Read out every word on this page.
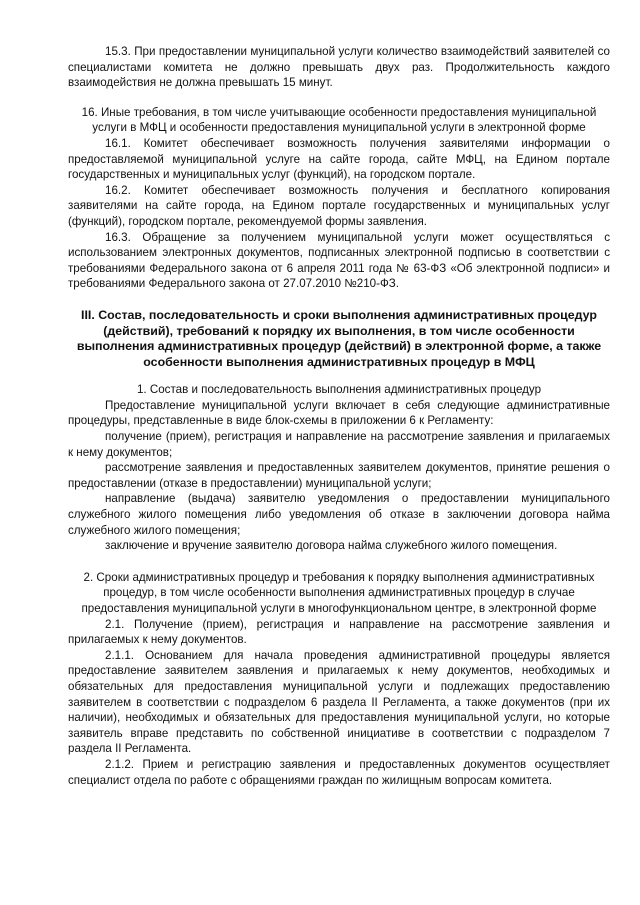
15.3. При предоставлении муниципальной услуги количество взаимодействий заявителей со специалистами комитета не должно превышать двух раз. Продолжительность каждого взаимодействия не должна превышать 15 минут.

16. Иные требования, в том числе учитывающие особенности предоставления муниципальной услуги в МФЦ и особенности предоставления муниципальной услуги в электронной форме

16.1. Комитет обеспечивает возможность получения заявителями информации о предоставляемой муниципальной услуге на сайте города, сайте МФЦ, на Едином портале государственных и муниципальных услуг (функций), на городском портале.

16.2. Комитет обеспечивает возможность получения и бесплатного копирования заявителями на сайте города, на Едином портале государственных и муниципальных услуг (функций), городском портале, рекомендуемой формы заявления.

16.3. Обращение за получением муниципальной услуги может осуществляться с использованием электронных документов, подписанных электронной подписью в соответствии с требованиями Федерального закона от 6 апреля 2011 года № 63-ФЗ «Об электронной подписи» и требованиями Федерального закона от 27.07.2010 №210-ФЗ.

III. Состав, последовательность и сроки выполнения административных процедур (действий), требований к порядку их выполнения, в том числе особенности выполнения административных процедур (действий) в электронной форме, а также особенности выполнения административных процедур в МФЦ

1. Состав и последовательность выполнения административных процедур

Предоставление муниципальной услуги включает в себя следующие административные процедуры, представленные в виде блок-схемы в приложении 6 к Регламенту:

получение (прием), регистрация и направление на рассмотрение заявления и прилагаемых к нему документов;

рассмотрение заявления и предоставленных заявителем документов, принятие решения о предоставлении (отказе в предоставлении) муниципальной услуги;

направление (выдача) заявителю уведомления о предоставлении муниципального служебного жилого помещения либо уведомления об отказе в заключении договора найма служебного жилого помещения;

заключение и вручение заявителю договора найма служебного жилого помещения.

2. Сроки административных процедур и требования к порядку выполнения административных процедур, в том числе особенности выполнения административных процедур в случае предоставления муниципальной услуги в многофункциональном центре, в электронной форме

2.1. Получение (прием), регистрация и направление на рассмотрение заявления и прилагаемых к нему документов.

2.1.1. Основанием для начала проведения административной процедуры является предоставление заявителем заявления и прилагаемых к нему документов, необходимых и обязательных для предоставления муниципальной услуги и подлежащих предоставлению заявителем в соответствии с подразделом 6 раздела II Регламента, а также документов (при их наличии), необходимых и обязательных для предоставления муниципальной услуги, но которые заявитель вправе представить по собственной инициативе в соответствии с подразделом 7 раздела II Регламента.

2.1.2. Прием и регистрацию заявления и предоставленных документов осуществляет специалист отдела по работе с обращениями граждан по жилищным вопросам комитета.
